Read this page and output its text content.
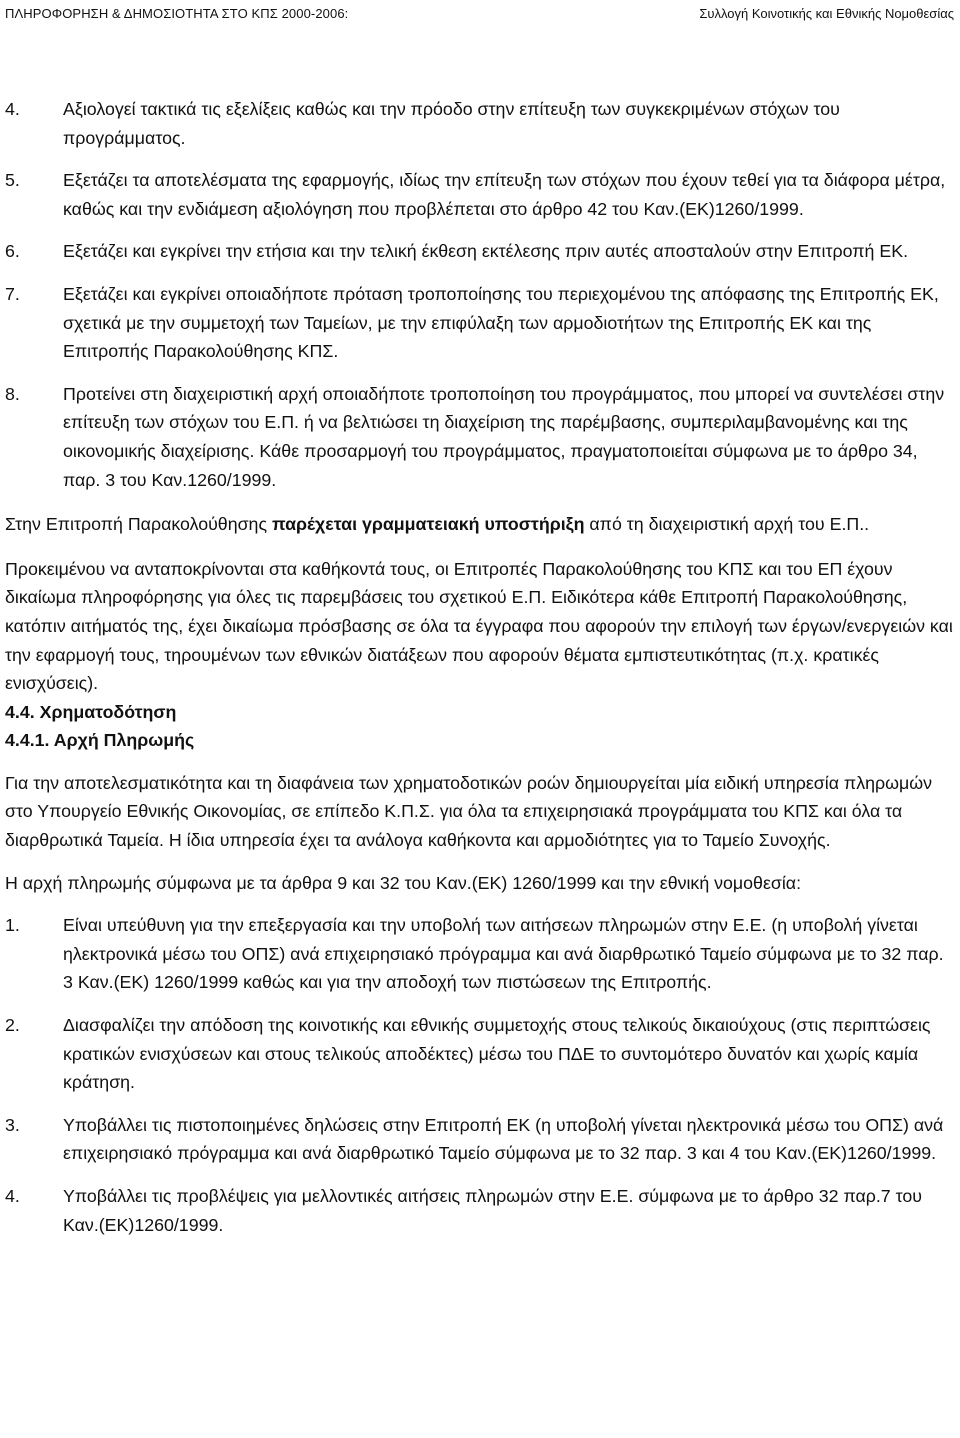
ΠΛΗΡΟΦΟΡΗΣΗ & ΔΗΜΟΣΙΟΤΗΤΑ ΣΤΟ ΚΠΣ 2000-2006:	Συλλογή Κοινοτικής και Εθνικής Νομοθεσίας
4.	Αξιολογεί τακτικά τις εξελίξεις καθώς και την πρόοδο στην επίτευξη των συγκεκριμένων στόχων του προγράμματος.
5.	Εξετάζει τα αποτελέσματα της εφαρμογής, ιδίως την επίτευξη των στόχων που έχουν τεθεί για τα διάφορα μέτρα, καθώς και την ενδιάμεση αξιολόγηση που προβλέπεται στο άρθρο 42 του Καν.(ΕΚ)1260/1999.
6.	Εξετάζει και εγκρίνει την ετήσια και την τελική έκθεση εκτέλεσης πριν αυτές αποσταλούν στην Επιτροπή ΕΚ.
7.	Εξετάζει και εγκρίνει οποιαδήποτε πρόταση τροποποίησης του περιεχομένου της απόφασης της Επιτροπής ΕΚ, σχετικά με την συμμετοχή των Ταμείων, με την επιφύλαξη των αρμοδιοτήτων της Επιτροπής ΕΚ και της Επιτροπής Παρακολούθησης ΚΠΣ.
8.	Προτείνει στη διαχειριστική αρχή οποιαδήποτε τροποποίηση του προγράμματος, που μπορεί να συντελέσει στην επίτευξη των στόχων του Ε.Π. ή να βελτιώσει τη διαχείριση της παρέμβασης, συμπεριλαμβανομένης και της οικονομικής διαχείρισης. Κάθε προσαρμογή του προγράμματος, πραγματοποιείται σύμφωνα με το άρθρο 34, παρ. 3 του Καν.1260/1999.

Στην Επιτροπή Παρακολούθησης παρέχεται γραμματειακή υποστήριξη από τη διαχειριστική αρχή του Ε.Π..

Προκειμένου να ανταποκρίνονται στα καθήκοντά τους, οι Επιτροπές Παρακολούθησης του ΚΠΣ και του ΕΠ έχουν δικαίωμα πληροφόρησης για όλες τις παρεμβάσεις του σχετικού Ε.Π. Ειδικότερα κάθε Επιτροπή Παρακολούθησης, κατόπιν αιτήματός της, έχει δικαίωμα πρόσβασης σε όλα τα έγγραφα που αφορούν την επιλογή των έργων/ενεργειών και την εφαρμογή τους, τηρουμένων των εθνικών διατάξεων που αφορούν θέματα εμπιστευτικότητας (π.χ. κρατικές ενισχύσεις).

4.4. Χρηματοδότηση

4.4.1. Αρχή Πληρωμής

Για την αποτελεσματικότητα και τη διαφάνεια των χρηματοδοτικών ροών δημιουργείται μία ειδική υπηρεσία πληρωμών στο Υπουργείο Εθνικής Οικονομίας, σε επίπεδο Κ.Π.Σ. για όλα τα επιχειρησιακά προγράμματα του ΚΠΣ και όλα τα διαρθρωτικά Ταμεία. Η ίδια υπηρεσία έχει τα ανάλογα καθήκοντα και αρμοδιότητες για το Ταμείο Συνοχής.

Η αρχή πληρωμής σύμφωνα με τα άρθρα 9 και 32 του Καν.(ΕΚ) 1260/1999 και την εθνική νομοθεσία:

1.	Είναι υπεύθυνη για την επεξεργασία και την υποβολή των αιτήσεων πληρωμών στην Ε.Ε. (η υποβολή γίνεται ηλεκτρονικά μέσω του ΟΠΣ) ανά επιχειρησιακό πρόγραμμα και ανά διαρθρωτικό Ταμείο σύμφωνα με το 32 παρ. 3 Καν.(ΕΚ) 1260/1999 καθώς και για την αποδοχή των πιστώσεων της Επιτροπής.
2.	Διασφαλίζει την απόδοση της κοινοτικής και εθνικής συμμετοχής στους τελικούς δικαιούχους (στις περιπτώσεις κρατικών ενισχύσεων και στους τελικούς αποδέκτες) μέσω του ΠΔΕ το συντομότερο δυνατόν και χωρίς καμία κράτηση.
3.	Υποβάλλει τις πιστοποιημένες δηλώσεις στην Επιτροπή ΕΚ (η υποβολή γίνεται ηλεκτρονικά μέσω του ΟΠΣ) ανά επιχειρησιακό πρόγραμμα και ανά διαρθρωτικό Ταμείο σύμφωνα με το 32 παρ. 3 και 4 του Καν.(ΕΚ)1260/1999.
4.	Υποβάλλει τις προβλέψεις για μελλοντικές αιτήσεις πληρωμών στην Ε.Ε. σύμφωνα με το άρθρο 32 παρ.7 του Καν.(ΕΚ)1260/1999.
